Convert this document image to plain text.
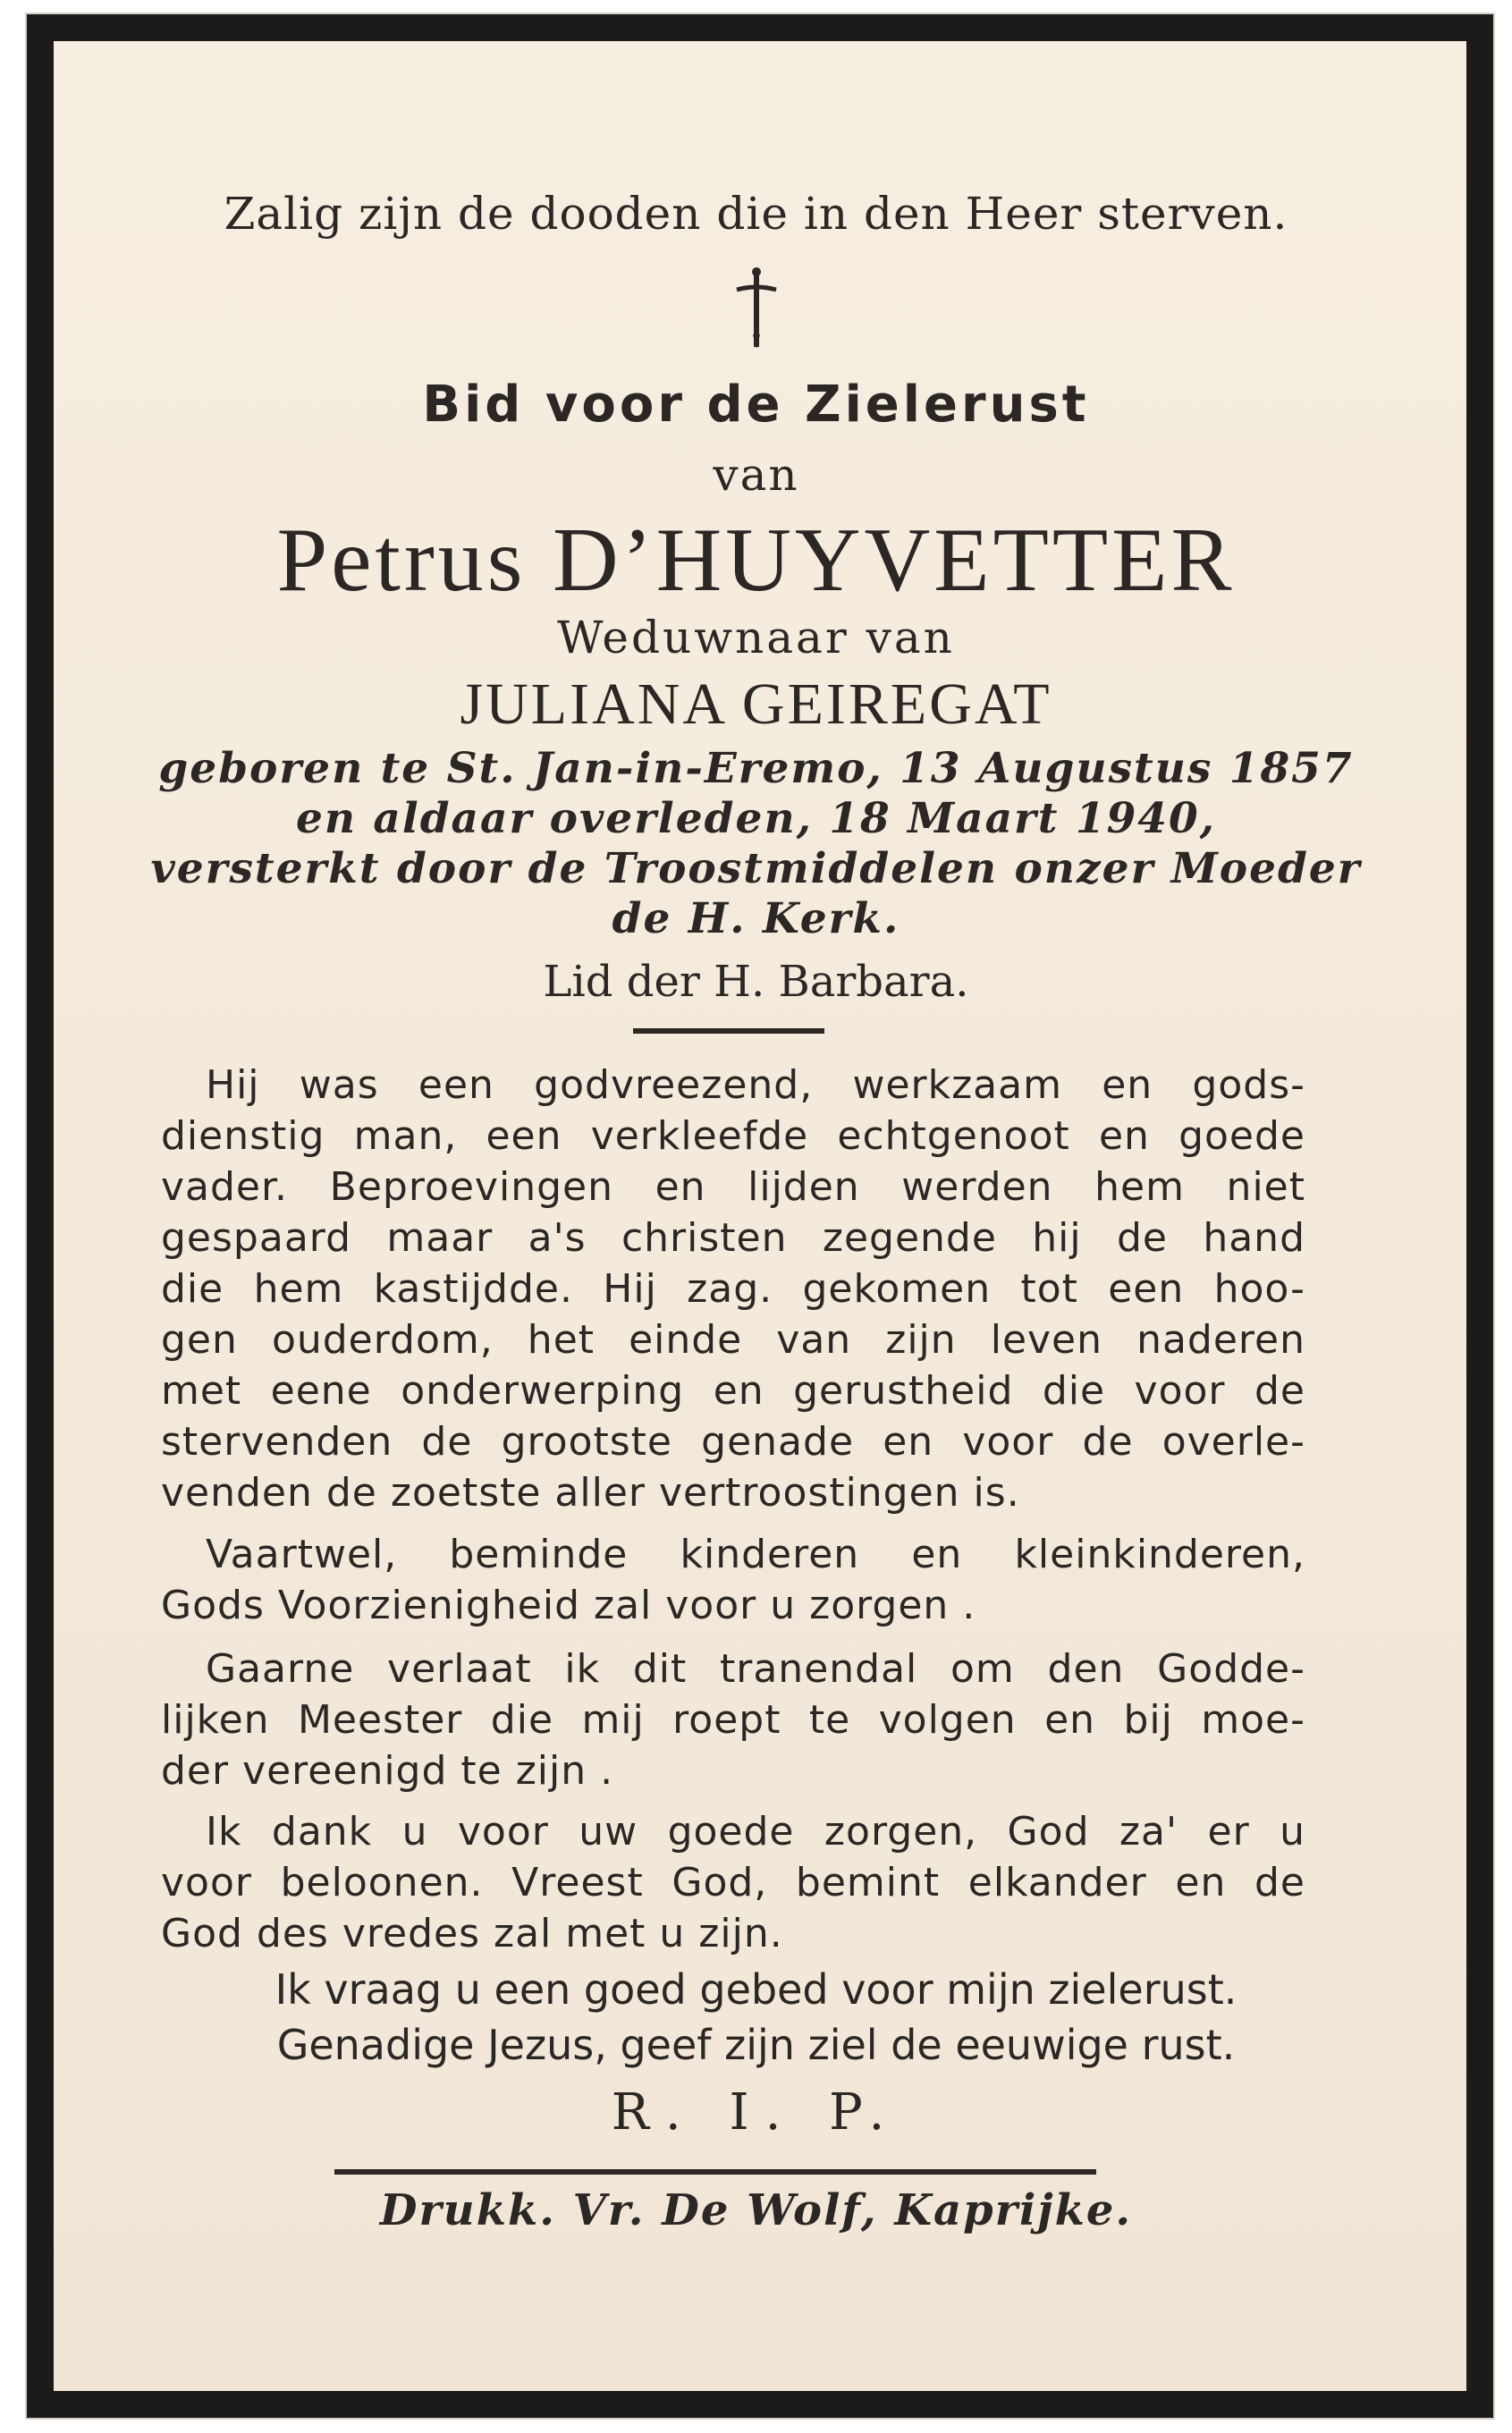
Zalig zijn de dooden die in den Heer sterven.
Bid voor de Zielerust
van
Petrus D’HUYVETTER
Weduwnaar van
JULIANA GEIREGAT
geboren te St. Jan-in-Eremo, 13 Augustus 1857
en aldaar overleden, 18 Maart 1940,
versterkt door de Troostmiddelen onzer Moeder
de H. Kerk.
Lid der H. Barbara.
Hij was een godvreezend, werkzaam en gods-
dienstig man, een verkleefde echtgenoot en goede
vader. Beproevingen en lijden werden hem niet
gespaard maar a's christen zegende hij de hand
die hem kastijdde. Hij zag. gekomen tot een hoo-
gen ouderdom, het einde van zijn leven naderen
met eene onderwerping en gerustheid die voor de
stervenden de grootste genade en voor de overle-
venden de zoetste aller vertroostingen is.
Vaartwel, beminde kinderen en kleinkinderen,
Gods Voorzienigheid zal voor u zorgen .
Gaarne verlaat ik dit tranendal om den Godde-
lijken Meester die mij roept te volgen en bij moe-
der vereenigd te zijn .
Ik dank u voor uw goede zorgen, God za' er u
voor beloonen. Vreest God, bemint elkander en de
God des vredes zal met u zijn.
Ik vraag u een goed gebed voor mijn zielerust.
Genadige Jezus, geef zijn ziel de eeuwige rust.
R. I. P.
Drukk. Vr. De Wolf, Kaprijke.
